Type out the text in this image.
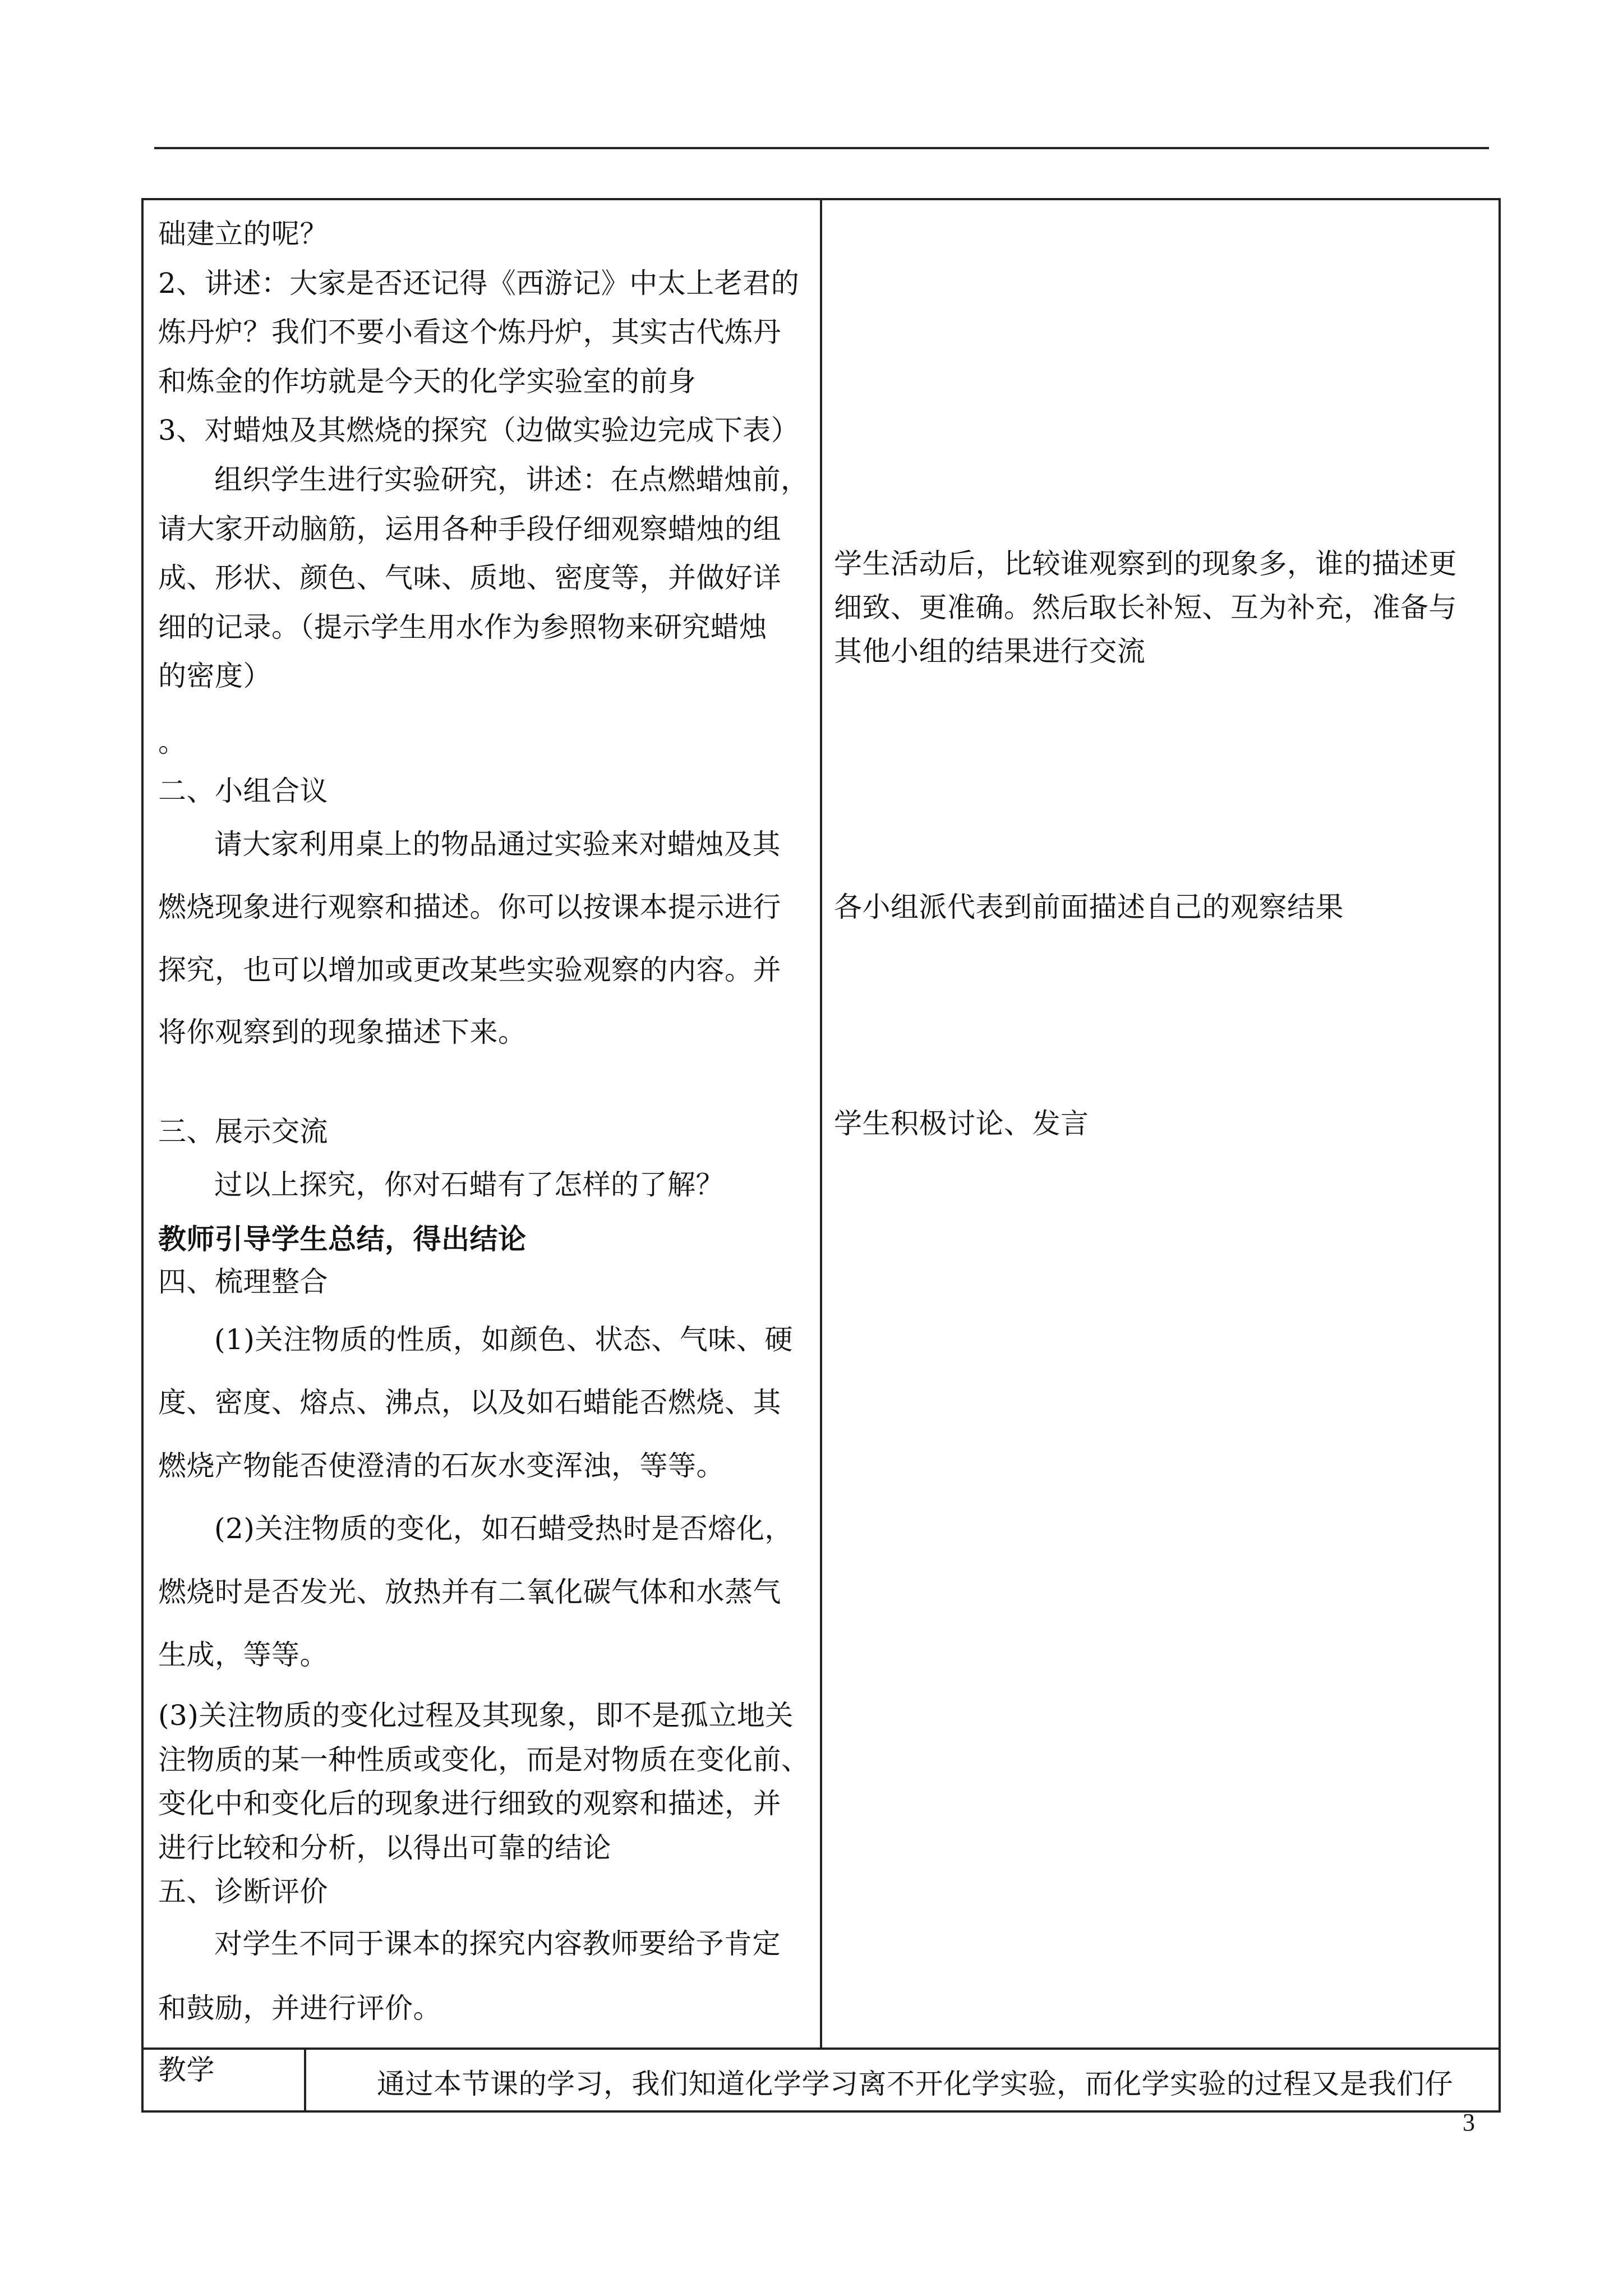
础建立的呢？
2、讲述：大家是否还记得《西游记》中太上老君的
炼丹炉？我们不要小看这个炼丹炉，其实古代炼丹
和炼金的作坊就是今天的化学实验室的前身
3、对蜡烛及其燃烧的探究（边做实验边完成下表）
组织学生进行实验研究，讲述：在点燃蜡烛前，
请大家开动脑筋，运用各种手段仔细观察蜡烛的组
成、形状、颜色、气味、质地、密度等，并做好详
细的记录。（提示学生用水作为参照物来研究蜡烛
的密度）
。
二、小组合议
请大家利用桌上的物品通过实验来对蜡烛及其
燃烧现象进行观察和描述。你可以按课本提示进行
探究，也可以增加或更改某些实验观察的内容。并
将你观察到的现象描述下来。
三、展示交流
过以上探究，你对石蜡有了怎样的了解？
教师引导学生总结，得出结论
四、梳理整合
(1)关注物质的性质，如颜色、状态、气味、硬
度、密度、熔点、沸点，以及如石蜡能否燃烧、其
燃烧产物能否使澄清的石灰水变浑浊，等等。
(2)关注物质的变化，如石蜡受热时是否熔化，
燃烧时是否发光、放热并有二氧化碳气体和水蒸气
生成，等等。
(3)关注物质的变化过程及其现象，即不是孤立地关
注物质的某一种性质或变化，而是对物质在变化前、
变化中和变化后的现象进行细致的观察和描述，并
进行比较和分析，以得出可靠的结论
五、诊断评价
对学生不同于课本的探究内容教师要给予肯定
和鼓励，并进行评价。
学生活动后，比较谁观察到的现象多，谁的描述更
细致、更准确。然后取长补短、互为补充，准备与
其他小组的结果进行交流
各小组派代表到前面描述自己的观察结果
学生积极讨论、发言
教学	通过本节课的学习，我们知道化学学习离不开化学实验，而化学实验的过程又是我们仔
3
